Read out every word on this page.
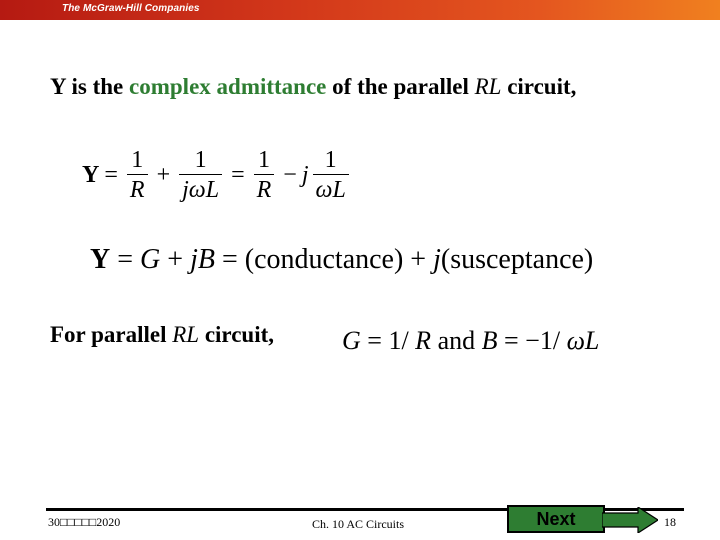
The McGraw-Hill Companies
Y is the complex admittance of the parallel RL circuit,
$Y = \frac{1}{R} + \frac{1}{\text{jωL}} = \frac{1}{R} - j \frac{1}{\omega L}$
Y = G + jB = (conductance) + j(susceptance)
For parallel RL circuit,	G = 1/ R and B = −1/ ωL
30□□□□□2020	Ch. 10 AC Circuits	Next	18
